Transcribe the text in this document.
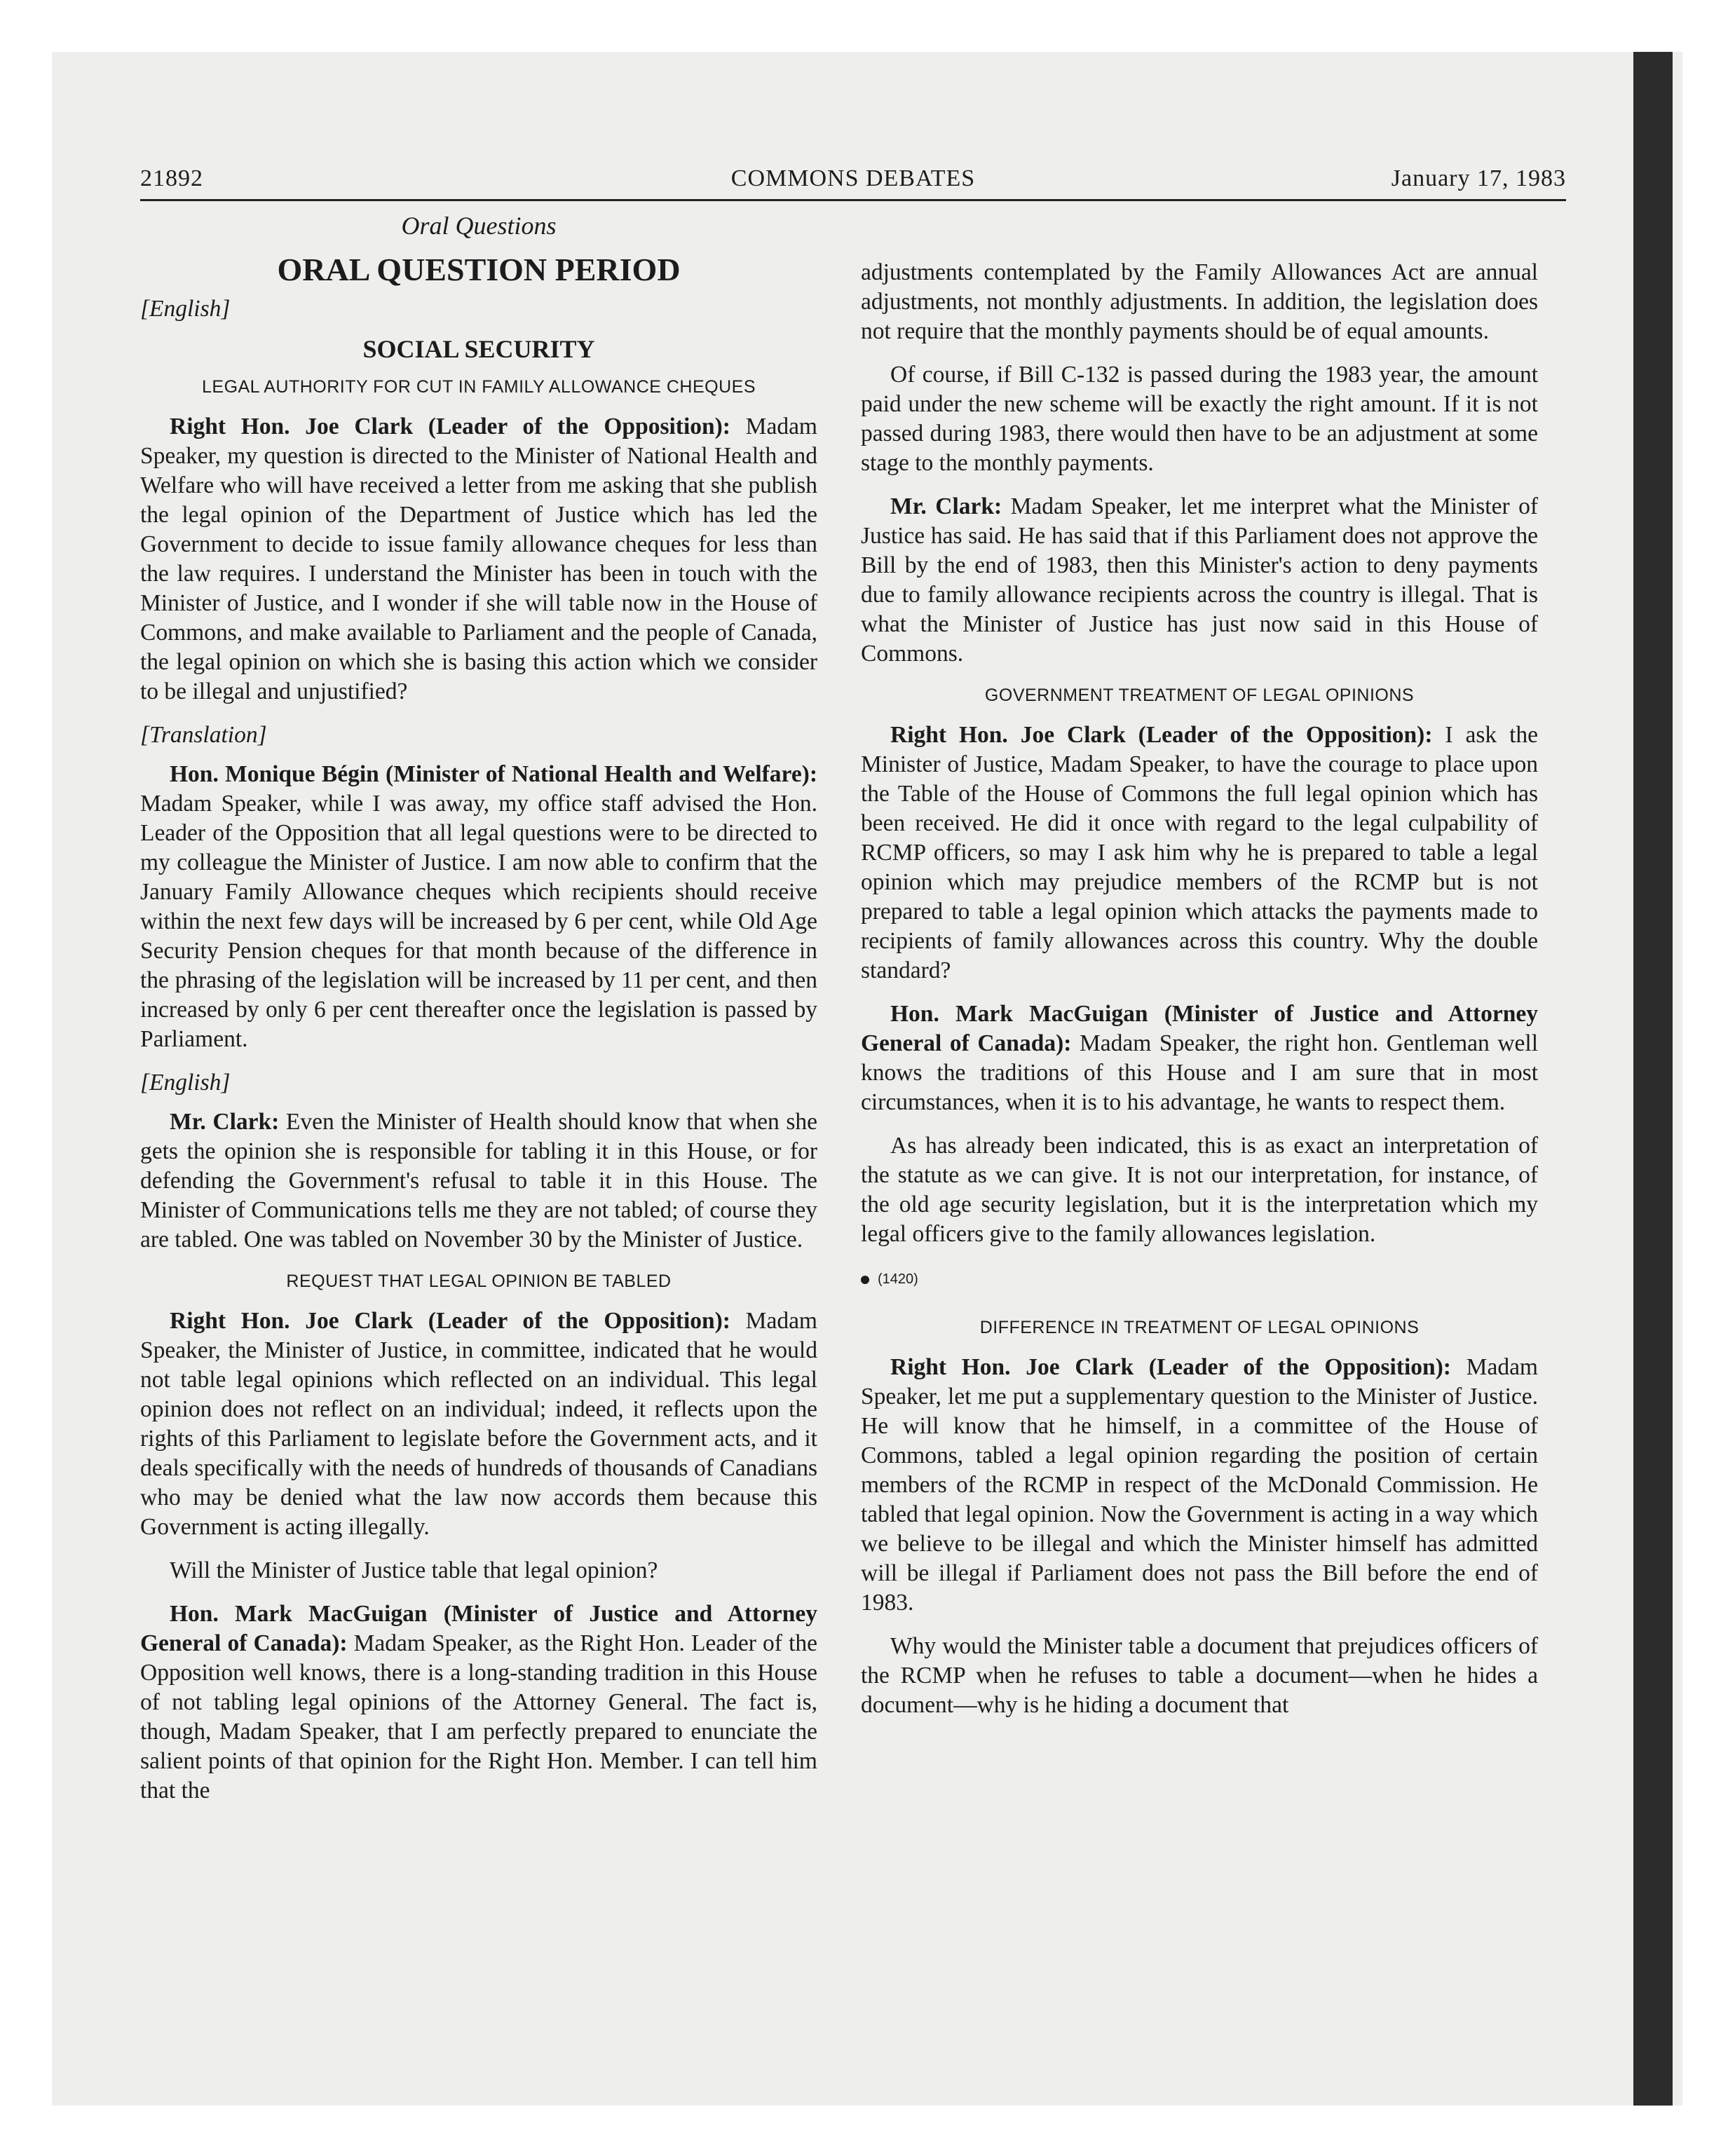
21892	COMMONS DEBATES	January 17, 1983
Oral Questions
ORAL QUESTION PERIOD
[English]
SOCIAL SECURITY
LEGAL AUTHORITY FOR CUT IN FAMILY ALLOWANCE CHEQUES

Right Hon. Joe Clark (Leader of the Opposition): Madam Speaker, my question is directed to the Minister of National Health and Welfare who will have received a letter from me asking that she publish the legal opinion of the Department of Justice which has led the Government to decide to issue family allowance cheques for less than the law requires. I understand the Minister has been in touch with the Minister of Justice, and I wonder if she will table now in the House of Commons, and make available to Parliament and the people of Canada, the legal opinion on which she is basing this action which we consider to be illegal and unjustified?

[Translation]

Hon. Monique Bégin (Minister of National Health and Welfare): Madam Speaker, while I was away, my office staff advised the Hon. Leader of the Opposition that all legal questions were to be directed to my colleague the Minister of Justice. I am now able to confirm that the January Family Allowance cheques which recipients should receive within the next few days will be increased by 6 per cent, while Old Age Security Pension cheques for that month because of the difference in the phrasing of the legislation will be increased by 11 per cent, and then increased by only 6 per cent thereafter once the legislation is passed by Parliament.

[English]

Mr. Clark: Even the Minister of Health should know that when she gets the opinion she is responsible for tabling it in this House, or for defending the Government's refusal to table it in this House. The Minister of Communications tells me they are not tabled; of course they are tabled. One was tabled on November 30 by the Minister of Justice.

REQUEST THAT LEGAL OPINION BE TABLED

Right Hon. Joe Clark (Leader of the Opposition): Madam Speaker, the Minister of Justice, in committee, indicated that he would not table legal opinions which reflected on an individual. This legal opinion does not reflect on an individual; indeed, it reflects upon the rights of this Parliament to legislate before the Government acts, and it deals specifically with the needs of hundreds of thousands of Canadians who may be denied what the law now accords them because this Government is acting illegally.

Will the Minister of Justice table that legal opinion?

Hon. Mark MacGuigan (Minister of Justice and Attorney General of Canada): Madam Speaker, as the Right Hon. Leader of the Opposition well knows, there is a long-standing tradition in this House of not tabling legal opinions of the Attorney General. The fact is, though, Madam Speaker, that I am perfectly prepared to enunciate the salient points of that opinion for the Right Hon. Member. I can tell him that the

adjustments contemplated by the Family Allowances Act are annual adjustments, not monthly adjustments. In addition, the legislation does not require that the monthly payments should be of equal amounts.

Of course, if Bill C-132 is passed during the 1983 year, the amount paid under the new scheme will be exactly the right amount. If it is not passed during 1983, there would then have to be an adjustment at some stage to the monthly payments.

Mr. Clark: Madam Speaker, let me interpret what the Minister of Justice has said. He has said that if this Parliament does not approve the Bill by the end of 1983, then this Minister's action to deny payments due to family allowance recipients across the country is illegal. That is what the Minister of Justice has just now said in this House of Commons.

GOVERNMENT TREATMENT OF LEGAL OPINIONS

Right Hon. Joe Clark (Leader of the Opposition): I ask the Minister of Justice, Madam Speaker, to have the courage to place upon the Table of the House of Commons the full legal opinion which has been received. He did it once with regard to the legal culpability of RCMP officers, so may I ask him why he is prepared to table a legal opinion which may prejudice members of the RCMP but is not prepared to table a legal opinion which attacks the payments made to recipients of family allowances across this country. Why the double standard?

Hon. Mark MacGuigan (Minister of Justice and Attorney General of Canada): Madam Speaker, the right hon. Gentleman well knows the traditions of this House and I am sure that in most circumstances, when it is to his advantage, he wants to respect them.

As has already been indicated, this is as exact an interpretation of the statute as we can give. It is not our interpretation, for instance, of the old age security legislation, but it is the interpretation which my legal officers give to the family allowances legislation.

(1420)
DIFFERENCE IN TREATMENT OF LEGAL OPINIONS

Right Hon. Joe Clark (Leader of the Opposition): Madam Speaker, let me put a supplementary question to the Minister of Justice. He will know that he himself, in a committee of the House of Commons, tabled a legal opinion regarding the position of certain members of the RCMP in respect of the McDonald Commission. He tabled that legal opinion. Now the Government is acting in a way which we believe to be illegal and which the Minister himself has admitted will be illegal if Parliament does not pass the Bill before the end of 1983.

Why would the Minister table a document that prejudices officers of the RCMP when he refuses to table a document—when he hides a document—why is he hiding a document that
